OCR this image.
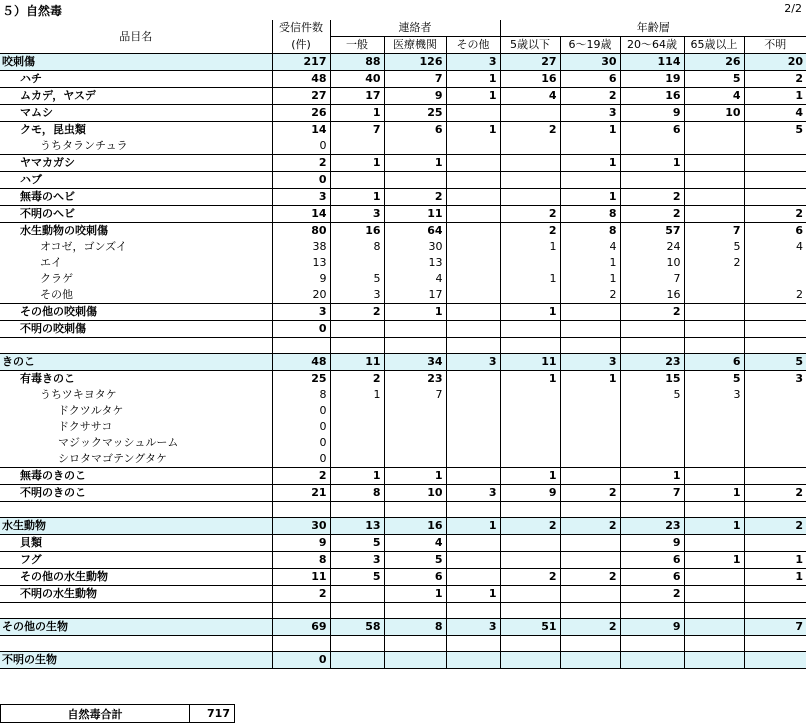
５）自然毒	2/2
品目名	受信件数	連絡者			年齢層				
	(件)	一般	医療機関	その他	5歳以下	6～19歳	20～64歳	65歳以上	不明
咬刺傷	217	88	126	3	27	30	114	26	20
ハチ	48	40	7	1	16	6	19	5	2
ムカデ，ヤスデ	27	17	9	1	4	2	16	4	1
マムシ	26	1	25			3	9	10	4
クモ，昆虫類	14	7	6	1	2	1	6		5
うちタランチュラ	0								
ヤマカガシ	2	1	1			1	1		
ハブ	0								
無毒のヘビ	3	1	2			1	2		
不明のヘビ	14	3	11		2	8	2		2
水生動物の咬刺傷	80	16	64		2	8	57	7	6
オコゼ，ゴンズイ	38	8	30		1	4	24	5	4
エイ	13		13			1	10	2	
クラゲ	9	5	4		1	1	7		
その他	20	3	17			2	16		2
その他の咬刺傷	3	2	1		1		2		
不明の咬刺傷	0								

きのこ	48	11	34	3	11	3	23	6	5
有毒きのこ	25	2	23		1	1	15	5	3
うちツキヨタケ	8	1	7				5	3	
ドクツルタケ	0								
ドクササコ	0								
マジックマッシュルーム	0								
シロタマゴテングタケ	0								
無毒のきのこ	2	1	1		1		1		
不明のきのこ	21	8	10	3	9	2	7	1	2

水生動物	30	13	16	1	2	2	23	1	2
貝類	9	5	4				9		
フグ	8	3	5				6	1	1
その他の水生動物	11	5	6		2	2	6		1
不明の水生動物	2		1	1			2		

その他の生物	69	58	8	3	51	2	9		7

不明の生物	0								
自然毒合計	717
